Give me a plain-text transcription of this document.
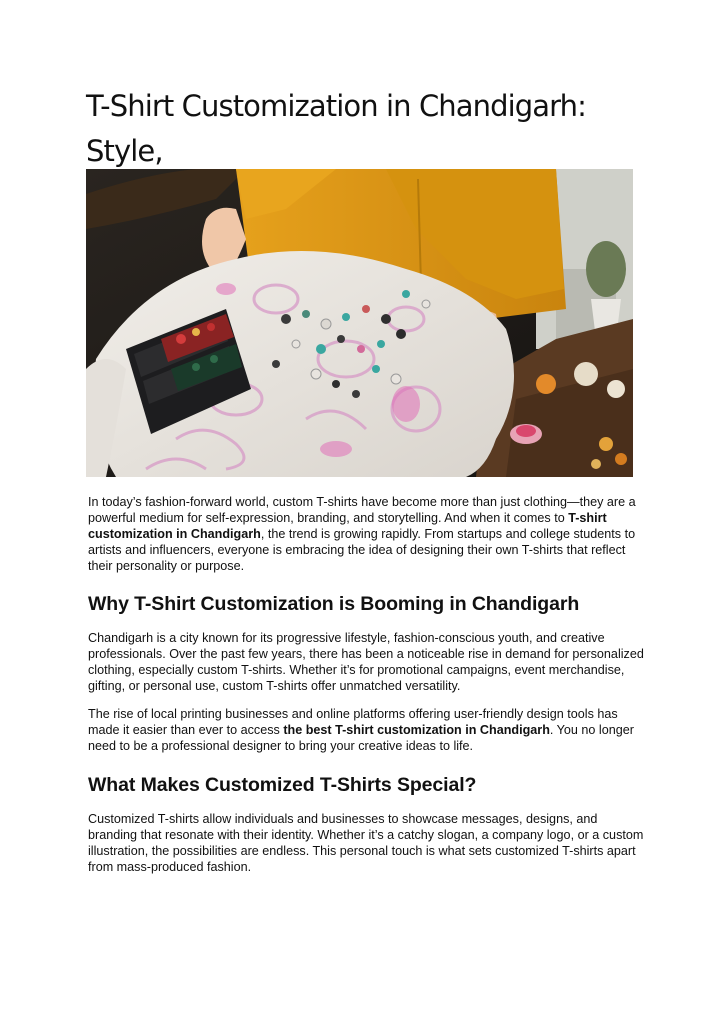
T-Shirt Customization in Chandigarh: Style,

In today’s fashion-forward world, custom T-shirts have become more than just clothing—they are a powerful medium for self-expression, branding, and storytelling. And when it comes to T-shirt customization in Chandigarh, the trend is growing rapidly. From startups and college students to artists and influencers, everyone is embracing the idea of designing their own T-shirts that reflect their personality or purpose.

Why T-Shirt Customization is Booming in Chandigarh

Chandigarh is a city known for its progressive lifestyle, fashion-conscious youth, and creative professionals. Over the past few years, there has been a noticeable rise in demand for personalized clothing, especially custom T-shirts. Whether it’s for promotional campaigns, event merchandise, gifting, or personal use, custom T-shirts offer unmatched versatility.

The rise of local printing businesses and online platforms offering user-friendly design tools has made it easier than ever to access the best T-shirt customization in Chandigarh. You no longer need to be a professional designer to bring your creative ideas to life.

What Makes Customized T-Shirts Special?

Customized T-shirts allow individuals and businesses to showcase messages, designs, and branding that resonate with their identity. Whether it’s a catchy slogan, a company logo, or a custom illustration, the possibilities are endless. This personal touch is what sets customized T-shirts apart from mass-produced fashion.
